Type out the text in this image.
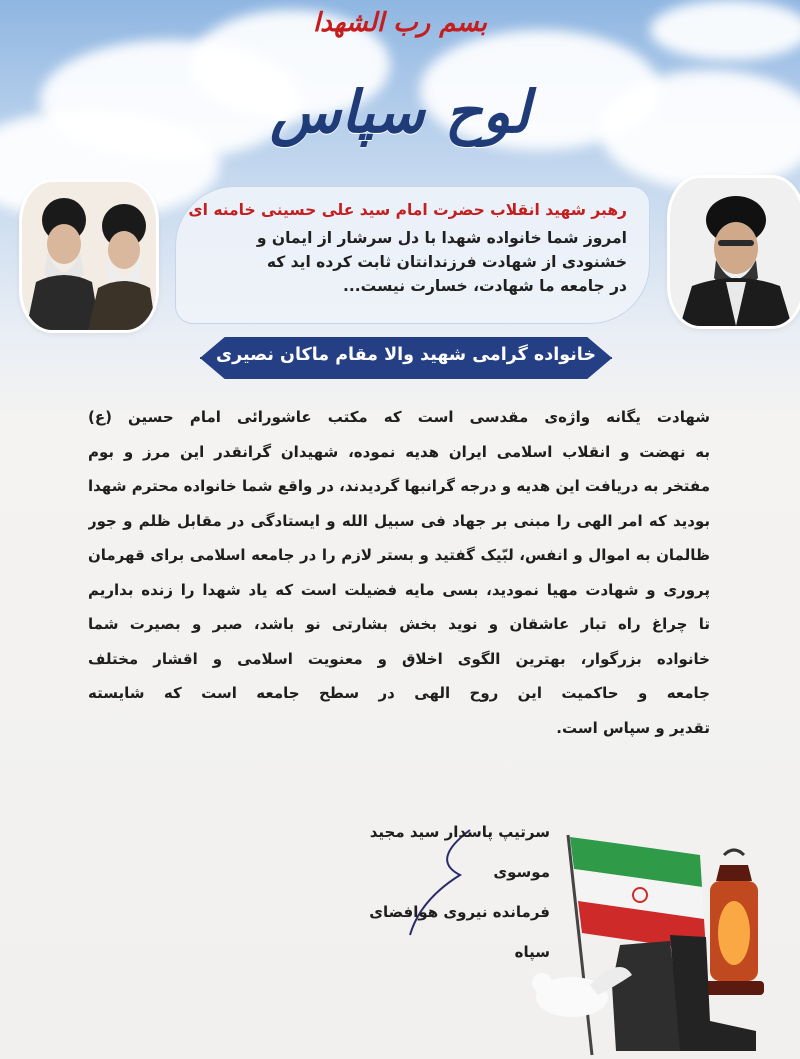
بسم رب الشهدا
لوح سپاس
رهبر شهید انقلاب حضرت امام سید علی حسینی خامنه ای
امروز شما خانواده شهدا با دل سرشار از ایمان و
خشنودی از شهادت فرزندانتان ثابت کرده اید که
در جامعه ما شهادت، خسارت نیست...
خانواده گرامی شهید والا مقام ماکان نصیری
شهادت یگانه واژه‌ی مقدسی است که مکتب عاشورائی امام حسین (ع)
به نهضت و انقلاب اسلامی ایران هدیه نموده، شهیدان گرانقدر این مرز و بوم
مفتخر به دریافت این هدیه و درجه گرانبها گردیدند، در واقع شما خانواده محترم شهدا
بودید که امر الهی را مبنی بر جهاد فی سبیل الله و ایستادگی در مقابل ظلم و جور
ظالمان به اموال و انفس، لبّیک گفتید و بستر لازم را در جامعه اسلامی برای قهرمان
پروری و شهادت مهیا نمودید، بسی مایه فضیلت است که یاد شهدا را زنده بداریم
تا چراغ راه تبار عاشقان و نوید بخش بشارتی نو باشد، صبر و بصیرت شما
خانواده بزرگوار، بهترین الگوی اخلاق و معنویت اسلامی و اقشار مختلف
جامعه و حاکمیت این روح الهی در سطح جامعه است که شایسته
تقدیر و سپاس است.
سرتیپ پاسدار سید مجید موسوی
فرمانده نیروی هوافضای سپاه
